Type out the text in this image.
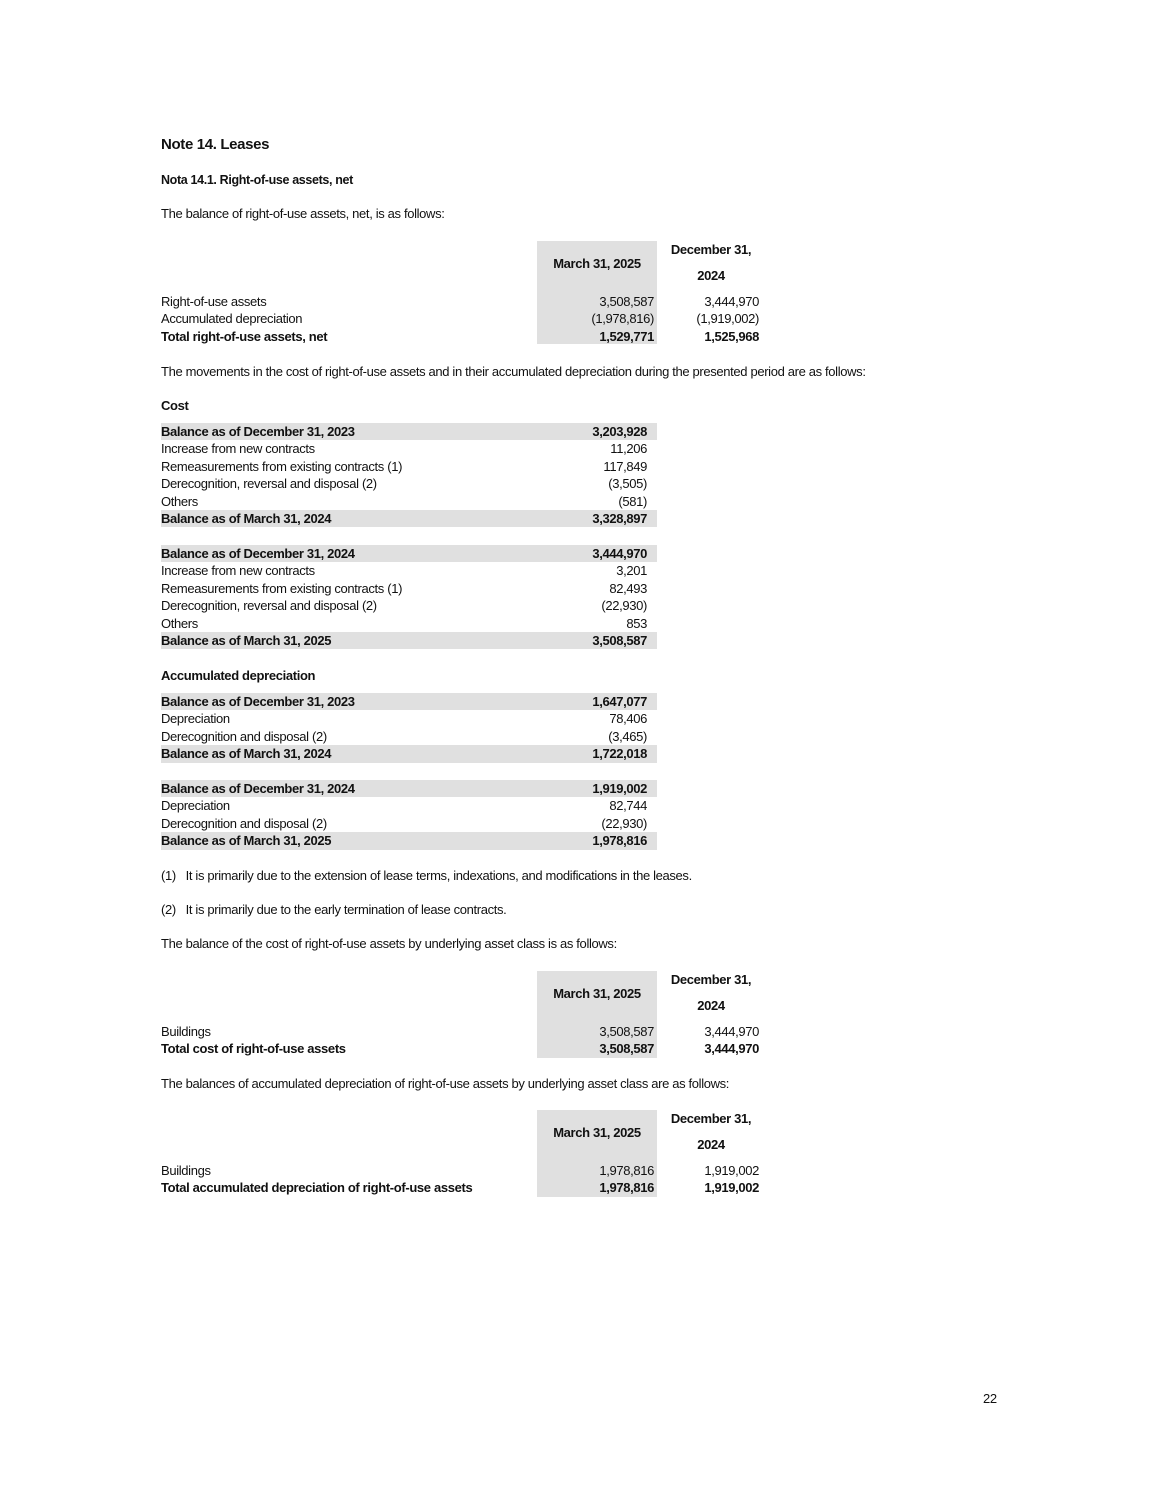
Note 14. Leases
Nota 14.1. Right-of-use assets, net
The balance of right-of-use assets, net, is as follows:
March 31, 2025
December 31,
2024
Right-of-use assets	3,508,587	3,444,970
Accumulated depreciation	(1,978,816)	(1,919,002)
Total right-of-use assets, net	1,529,771	1,525,968
The movements in the cost of right-of-use assets and in their accumulated depreciation during the presented period are as follows:
Cost
Balance as of December 31, 2023	3,203,928
Increase from new contracts	11,206
Remeasurements from existing contracts (1)	117,849
Derecognition, reversal and disposal (2)	(3,505)
Others	(581)
Balance as of March 31, 2024	3,328,897
Balance as of December 31, 2024	3,444,970
Increase from new contracts	3,201
Remeasurements from existing contracts (1)	82,493
Derecognition, reversal and disposal (2)	(22,930)
Others	853
Balance as of March 31, 2025	3,508,587
Accumulated depreciation
Balance as of December 31, 2023	1,647,077
Depreciation	78,406
Derecognition and disposal (2)	(3,465)
Balance as of March 31, 2024	1,722,018
Balance as of December 31, 2024	1,919,002
Depreciation	82,744
Derecognition and disposal (2)	(22,930)
Balance as of March 31, 2025	1,978,816
(1) It is primarily due to the extension of lease terms, indexations, and modifications in the leases.
(2) It is primarily due to the early termination of lease contracts.
The balance of the cost of right-of-use assets by underlying asset class is as follows:
March 31, 2025
December 31,
2024
Buildings	3,508,587	3,444,970
Total cost of right-of-use assets	3,508,587	3,444,970
The balances of accumulated depreciation of right-of-use assets by underlying asset class are as follows:
March 31, 2025
December 31,
2024
Buildings	1,978,816	1,919,002
Total accumulated depreciation of right-of-use assets	1,978,816	1,919,002
22
